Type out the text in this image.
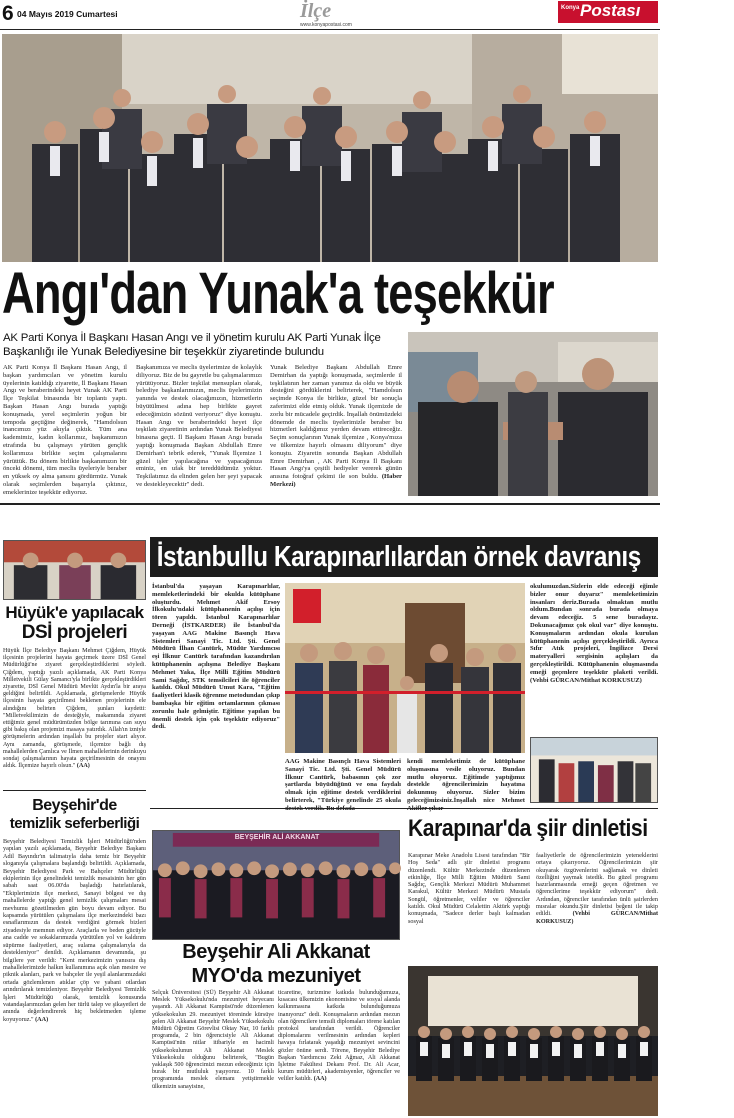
6 04 Mayıs 2019 Cumartesi	İlçe
www.konyapostasi.com
Konya Postası
Angı'dan Yunak'a teşekkür
AK Parti Konya İl Başkanı Hasan Angı ve il yönetim kurulu AK Parti Yunak İlçe Başkanlığı ile Yunak Belediyesine bir teşekkür ziyaretinde bulundu
AK Parti Konya İl Başkanı Hasan Angı, il başkan yardımcıları ve yönetim kurulu üyelerinin katıldığı ziyarette, İl Başkanı Hasan Angı ve beraberindeki heyet Yunak AK Parti İlçe Teşkilat binasında bir toplantı yaptı. Başkan Hasan Angı burada yaptığı konuşmada, yerel seçimlerin yoğun bir tempoda geçtiğine değinerek, "Hamdolsun inancımızı yüz akıyla çıktık. Tüm ana kademimiz, kadın kollarımız, başkanımızın etrafında bu çalışmayı yürüten gençlik kollarımıza birlikte seçim çalışmalarını yürüttük. Bu dönem birlikte başkanımızın bir önceki dönemi, tüm meclis üyeleriyle beraber en yüksek oy alma şansını gördürmüz. Yunak olarak seçimlerden başarıyla çıktınız, emeklerinize teşekkür ediyoruz.
Başkanımıza ve meclis üyelerimize de kolaylık diliyoruz. Biz de bu gayretle bu çalışmalarımızı yürütüyoruz. Bizler teşkilat mensupları olarak, belediye başkanlarımızın, meclis üyelerimizin yanında ve destek olacağımızın, hizmetlerin büyütülmesi adına hep birlikte gayret edeceğimizin sözünü veriyoruz" diye konuştu. Hasan Angı ve beraberindeki heyet ilçe teşkilatı ziyaretinin ardından Yunak Belediyesi binasına geçti. İl Başkanı Hasan Angı burada yaptığı konuşmada Başkan Abdullah Emre Demirhan'ı tebrik ederek, "Yunak İlçemize 1 güzel işler yapılacağına ve yapacağınıza eminiz, en ufak bir tereddüdümüz yoktur. Teşkilatımız da elinden gelen her şeyi yapacak ve destekleyecektir" dedi.
Yunak Belediye Başkanı Abdullah Emre Demirhan da yaptığı konuşmada, seçimlerde il teşkilatının her zaman yanımız da oldu ve büyük desteğini gördüklerini belirterek, "Hamdolsun seçimde Konya ile birlikte, güzel bir sonuçla zaferimizi elde etmiş olduk. Yunak ilçemizde de zorlu bir mücadele geçirdik. İnşallah önümüzdeki dönemde de meclis üyelerimizle beraber bu hizmetleri kaldığımız yerden devam ettireceğiz. Seçim sonuçlarının Yunak ilçemize , Konya'mıza ve ülkemize hayırlı olmasını diliyorum" diye konuştu. Ziyaretin sonunda Başkan Abdullah Emre Demirhan , AK Parti Konya İl Başkanı Hasan Angı'ya çeşitli hediyeler vererek günün anısına fotoğraf çekimi ile son buldu. (Haber Merkezi)
Hüyük'e yapılacak
DSİ projeleri
Hüyük İlçe Belediye Başkanı Mehmet Çiğdem, Hüyük ilçesinin projelerini hayata geçirmek üzere DSİ Genel Müdürlüğü'ne ziyaret gerçekleştirdiklerini söyledi. Çiğdem, yaptığı yazılı açıklamada, AK Parti Konya Milletvekili Gülay Samancı'yla birlikte gerçekleştirdikleri ziyarette, DSİ Genel Müdürü Mevlüt Aydın'la bir araya geldiğini belirtildi. Açıklamada, görüşmelerde Hüyük ilçesinin hayata geçirilmesi beklenen projelerinin ele alındığını belirten Çiğdem, şunları kaydetti: "Milletvekilimizin de desteğiyle, makamında ziyaret ettiğimiz genel müdürümüzden bölge tarımına can suyu gibi bakış olan projemizi masaya yatırdık. Allah'ın izniyle görüşmelerin ardından inşallah bu projeler start alıyor. Aynı zamanda, görüşmede, ilçemize bağlı dış mahallelerden Çamlıca ve İlmen mahallelerinin derinkuyu sondaj çalışmalarının hayata geçirilmesinin de onayını aldık. İlçemize hayırlı olsun." (AA)
İstanbullu Karapınarlılardan örnek davranış
İstanbul'da yaşayan Karapınarlılar, memleketlerindeki bir okulda kütüphane oluşturdu. Mehmet Akif Ersoy İlkokulu'ndaki kütüphanenin açılışı için tören yapıldı. İstanbul Karapınarlılar Derneği (İSTKARDER) ile İstanbul'da yaşayan AAG Makine Basınçlı Hava Sistemleri Sanayi Tic. Ltd. Şti. Genel Müdürü İlhan Cantürk, Müdür Yardımcısı eşi İlknur Cantürk tarafından kazandırılan kütüphanenin açılışına Belediye Başkanı Mehmet Yaka, İlçe Milli Eğitim Müdürü Sami Sağdıç, STK temsilcileri ile öğrenciler katıldı. Okul Müdürü Umut Kara, "Eğitim faaliyetleri klasik öğrenme metodundan çıkıp bambaşka bir eğitim ortamlarının çıkması zorunlu hale gelmiştir. Eğitime yapılan bu önemli destek için çok teşekkür ediyoruz" dedi.
AAG Makine Basınçlı Hava Sistemleri Sanayi Tic. Ltd. Şti. Genel Müdürü İlknur Cantürk, babasının çok zor şartlarda büyüdüğünü ve ona faydalı olmak için eğitime destek verdiklerini belirterek, "Türkiye genelinde 25 okula
kendi memleketimiz de kütüphane oluşmasına vesile oluyoruz. Bundan mutlu oluyoruz. Eğitimde yaptığımız destekle öğrencilerimizin hayatına dokunmuş oluyoruz. Sizler bizim geleceğimizsiniz.İnşallah nice Mehmet
okulumuzdan.Sizlerin elde edeceği eğimle bizler onur duyarız" memleketimizin insanları deriz.Burada olmaktan mutlu oldum.Bundan sonrada burada olmaya devam edeceğiz. 5 sene buradayız. Dokunacağımız çok okul var" diye konuştu. Konuşmaların ardından okula kurulan kütüphanenin açılışı gerçekleştirildi. Ayrıca Sıfır Atık projeleri, İngilizce Dersi materyalleri sergisinin açılışları da gerçekleştirildi. Kütüphanenin oluşmasında emeği geçenlere teşekkür plaketi verildi. (Vehbi GÜRCAN/Mithat KORKUSUZ)
Beyşehir'de
temizlik seferberliği
Beyşehir Belediyesi Temizlik İşleri Müdürlüğü'nden yapılan yazılı açıklamada, Beyşehir Belediye Başkanı Adil Bayındır'ın talimatıyla daha temiz bir Beyşehir sloganıyla çalışmalara başlandığı belirtildi. Açıklamada, Beyşehir Belediyesi Park ve Bahçeler Müdürlüğü ekiplerinin ilçe genelindeki temizlik mesaisinin her gün sabah saat 06.00'da başladığı hatırlatılarak, "Ekiplerimizin ilçe merkezi, Sanayi bölgesi ve dış mahallelerde yaptığı genel temizlik çalışmaları mesai mevhumu gözetilmeden gün boyu devam ediyor. Bu kapsamda yürütülen çalışmalara ilçe merkezindeki bazı esnaflarımızın da destek verdiğini görmek bizleri ziyadesiyle memnun ediyor. Araçlarla ve beden gücüyle ana cadde ve sokaklarımızda yürütülen yol ve kaldırım süpürme faaliyetleri, araç sulama çalışmalarıyla da destekleniyor" denildi. Açıklamanın devamında, şu bilgilere yer verildi: "Kent merkezimizin yanısıra dış mahallelerimizde halkın kullanımına açık olan mesire ve piknik alanları, park ve bahçeler ile yeşil alanlarımızdaki ortada gözlemlenen atıklar çöp ve yabani otlardan arındırılarak temizleniyor. Beyşehir Belediyesi Temizlik İşleri Müdürlüğü olarak, temizlik konusunda vatandaşlarımızdan gelen her türlü talep ve şikayetleri de anında değerlendirerek hiç bekletmeden işleme koyuyoruz." (AA)
BEYŞEHİR ALİ AKKANAT
Beyşehir Ali Akkanat
MYO'da mezuniyet
Selçuk Üniversitesi (SÜ) Beyşehir Ali Akkanat Meslek Yüksekokulu'nda mezuniyet heyecanı yaşandı. Ali Akkanat Kampüsü'nde düzenlenen yüksekokulun 29. mezuniyet töreninde kürsüye gelen Ali Akkanat Beyşehir Meslek Yüksekokulu Müdürü Öğretim Görevlisi Oktay Nar, 10 farklı programda, 2 bin öğrencisiyle Ali Akkanat Kampüsü'nün nitlar itibariyle en hacimli yüksekokulunun Ali Akkanat Meslek Yüksekokulu olduğunu belirterek, "Bugün yaklaşık 500 öğrencimizi mezun edeceğimiz için burak bir mutluluk yaşıyoruz. 10 farklı programında meslek elemanı yetiştirmekle ülkemizin sanayisine,
ticaretine, turizmine katkıda bulunduğumuza, kısacası ülkemizin ekonomisine ve sosyal alanda kalkınmasına katkıda bulunduğumuza inanıyoruz" dedi. Konuşmaların ardından mezun olan öğrencilere temsili diplomaları törene katılan protokol tarafından verildi. Öğrenciler diplomalarını verilmesinin ardından kepleri havaya fırlatarak yaşadığı mezuniyet sevincini gözler önüne serdi. Törene, Beyşehir Belediye Başkan Yardımcısı Zeki Ağmaz, Ali Akkanat İşletme Fakültesi Dekanı Prof. Dr. Ali Acar, kurum müdürleri, akademisyenler, öğrenciler ve veliler katıldı. (AA)
Karapınar'da şiir dinletisi
Karapınar Meke Anadolu Lisesi tarafından "Bir Hoş Seda" adlı şiir dinletisi programı düzenlendi. Kültür Merkezinde düzenlenen etkinliğe, İlçe Milli Eğitim Müdürü Sami Sağdıç, Gençlik Merkezi Müdürü Muhammet Karakul, Kültür Merkezi Müdürü Mustafa Songül, öğretmenler, veliler ve öğrenciler katıldı. Okul Müdürü Celalettin Aktürk yaptığı konuşmada, "Sadece derler başlı kalmadan sosyal
faaliyetlerle de öğrencilerimizin yeteneklerini ortaya çıkarıyoruz. Öğrencilerimizin şiir okuyarak özgüvenlerini sağlamak ve dinleti özelliğini yaymak istedik. Bu güzel programı hazırlanmasında emeği geçen öğretmen ve öğrencilerime teşekkür ediyorum" dedi. Ardından, öğrenciler tarafından ünlü şairlerden mısralar okundu.Şiir dinletisi beğeni ile takip edildi.	(Vehbi GÜRCAN/Mithat KORKUSUZ)
